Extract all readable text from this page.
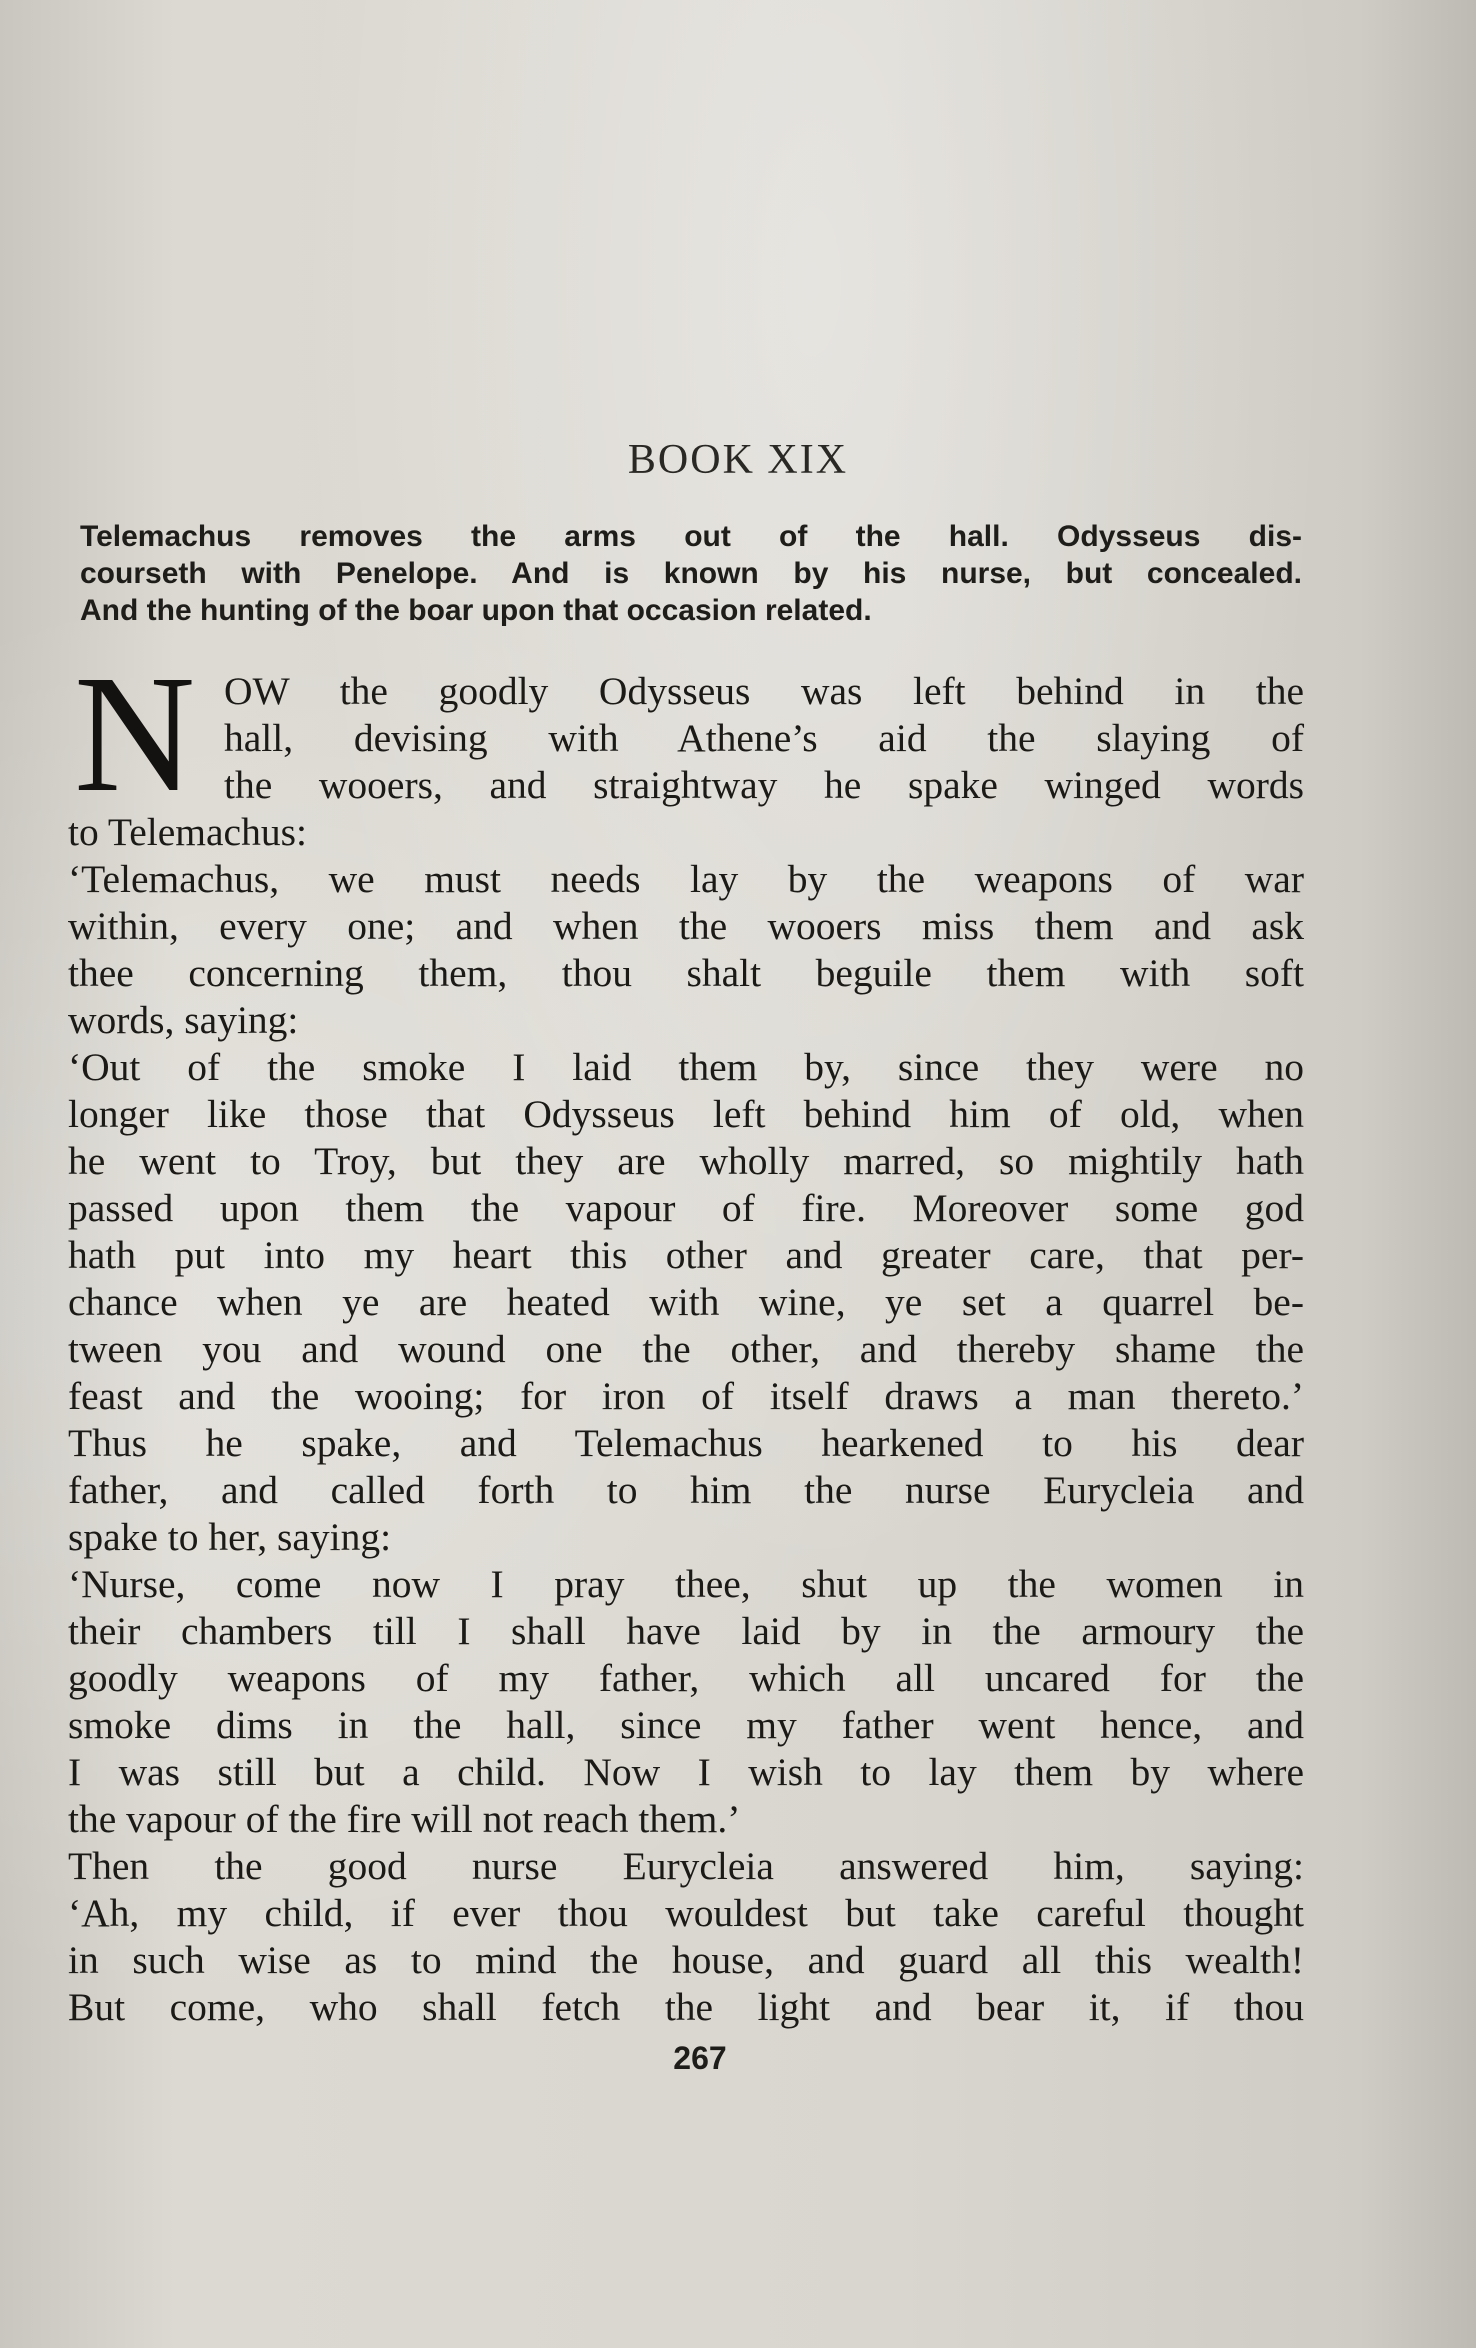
BOOK XIX
Telemachus removes the arms out of the hall. Odysseus dis-
courseth with Penelope. And is known by his nurse, but concealed.
And the hunting of the boar upon that occasion related.
N OW the goodly Odysseus was left behind in the
hall, devising with Athene’s aid the slaying of
the wooers, and straightway he spake winged words
to Telemachus:
‘Telemachus, we must needs lay by the weapons of war
within, every one; and when the wooers miss them and ask
thee concerning them, thou shalt beguile them with soft
words, saying:
‘Out of the smoke I laid them by, since they were no
longer like those that Odysseus left behind him of old, when
he went to Troy, but they are wholly marred, so mightily hath
passed upon them the vapour of fire. Moreover some god
hath put into my heart this other and greater care, that per-
chance when ye are heated with wine, ye set a quarrel be-
tween you and wound one the other, and thereby shame the
feast and the wooing; for iron of itself draws a man thereto.’
Thus he spake, and Telemachus hearkened to his dear
father, and called forth to him the nurse Eurycleia and
spake to her, saying:
‘Nurse, come now I pray thee, shut up the women in
their chambers till I shall have laid by in the armoury the
goodly weapons of my father, which all uncared for the
smoke dims in the hall, since my father went hence, and
I was still but a child. Now I wish to lay them by where
the vapour of the fire will not reach them.’
Then the good nurse Eurycleia answered him, saying:
‘Ah, my child, if ever thou wouldest but take careful thought
in such wise as to mind the house, and guard all this wealth!
But come, who shall fetch the light and bear it, if thou
267
